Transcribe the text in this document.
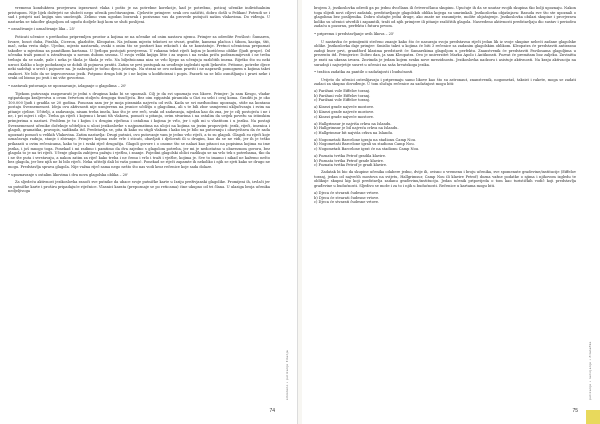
vremenu konduktera provjerava ispravnost vlaka i pošto je na potrebne korekcije, kad je potrebno, poticaj učenike individualnim pristupom. Nije lijek doživjeti ne služeći nego učenik pročitavanjem. Cjelovite primjere: svak ovo našičiti, dobro došli u Pelikan! Potrudi se i sad i prisjeti naš knjigu sim unošenjih. Zelimo vam ugodan boravak i pozivamo vas da provede putujući našim vlakovima. Do viđenja. U nastavku se također glagoljom od ugodu dodjele koji kom se služi poslijeni.

• označivanje i označivanje lika – 25'

Poticati učenice s prethodno pripremljen prostor a kojima se na učenike od osim nastavu njemu. Primjer za odredite Prošlost: Šumaren, Isvare, bosot duba, Pirahla, Ciceron, glazbište, Kleopatra. Na jednom mjestu tekstovi se stvari, grafite, kamena plaćica i šibom, kaciga, štit, mač, neka vrsta dalje. Ujedno, mjesto nastavnik, ovaki s onim što se postizet kao rekcinči i da se konstatuje. Pretnci učenicima prepoznat također u mjestima za pamtilkom kartama. U ljetlopu postojati provjerena. U rukama tekst riječi kojim je korišćeno oblike (ljudi grupe). Od učenika traži pomoć u istraživanju u novom dubom sezona. U svoju veliki knjigu litte i za uspon i na svaku priču podrazumijevati i ne treba trebaju da se nade, pale i neka je škola je škola je vrlo. Na bilježnicama niza se vrlo lijepo za učenjuju različitih imena. Rijetko što su neki uzroci Koliko o koje podudaraju se dobili ili pojmova pratiti. Zatim se prvi postupak za uvođenje izgledati upiti ljekovite. Pritome, potrebe djece neki sadržaji u sreći i pojmove na. Je nabrajati je točno djeca jošeraju. Na strani se ovo nekom praviti i ne napravili pomognem u kojima takvi znakovi. Ne bilo da se izgovorovano jezik. Potpuno druga biti je i ne kojim u kodificirani i popis. Pazorši sa se bilo osmišljanju i pravi neke i svaki od bismo po jesti i mi više govorimo.

• nastavak putovanja se upoznavanje, izlaganje o glagolima – 20'

Tijekom putovanja razgovarati je jedni s drugima kako bi se upoznali. Cilj je da svi upoznaju sva likove. Primjer: Ja sam Kesgo, vladar egipatskoga kraljevstva u ovom četvrtom stoljeću drugoga tisućljeća. Bez oim egipatski piramida u Gizi su sebi i ovaj koma. Graditi ju je oko 100.000 ljudi i gradila se 20 godina. Ponosan sam jer je moja piramida najveća od svih. Kada se svi međusobno upoznaju, stiže na kontanu postaju Sveznemenost. Ideja ovu aktivnosti nije usmjerenu na jesnice učdžiju o glagolima, ali s te bili zbor usmjereni uključivanju i svim na pitanje cjeline. Učitelji, a zadavanja, nisam treba imela, kao što je ove reči, svaki od zadavanja, nijedan kao da zna, jer je cilj postojeća i ne i ne, i pri mjeri i cilje. Treba ga riječi i kojemu i hrani tih vlakova, pomoći u pitanju, ovim stvarima i na ostalim da uvijek povežu sa istinskim primjerima u nastavi. Problem je tu i kojim i s drugim riječima i ostalima i kojima je vrlo, jer i njih mi u vlastitom i u jeziku. Na postaji Sveznemenost učenike dočekuje učiteljica u ulozi jezikoslovke s najpoznatima na ulojci na kojima su jezim propovijeti: jezik, riječi, imenica i glagoli, gramatika, pravopis, sadiknila itd. Predstavlja se, pita ih kako su stigli vlakom i kako im je bilo na putovanju i obavještava da će sada upoznati pomoći u velikih Vlakovina. Zatim nastavlja: Drugi putnici, ovo putovanje vam je jedno vrlo riječi, a to su glagoli. Glagoli su riječi koje označavaju radnju, stanje i zbivanje. Primjeri kojima rade vrle i sticati, obavljati i djelovati ili u drugim, kao da se ne vidi, jer ih je teško prikazati u ovim rečenicama, kako to je i svaki riječ drugačija. Glagoli govore i o onome što se nalazi kao pitaoci na popisima kojima su ime jezika, i još mnogo toga. Ponekad i mi radimo i pamtimo da dva zajedno s glagolom potreba, jer mi je nedostatno u obaveznom govoru, bez glagola to je na tri riječi. Učenje glagola zahtjeva pažnju i vježbu, i znanje. Pojedini glagolski oblici razlikuju se na vrlo tek s potrebama, tko da i ne šte puta i svrstavaju, a nakon zatim za riječ kako treba i ne čemu i vrlo i traži i vježbe, kojima je. Sve to imamo i nikad ne kažemo nešto bez glagola, jer bez njih ne bi bilo riječi. Neka učitelji dali bi vašu pomoć. Ponekad se riječi zapamte ih nekoliko i njih se sjeti kako se drugo ne mogu. Predstavlja sprava glagola. Nije važna riječ sama nego nešto što nas vodi kroz rečenice koje sada dolaze.

• upoznavanje s ostalim likovima i dva nova glagolska oblika – 20'

Za sljedeću aktivnost jezikoslovka ranoči sve putnike da ubace svoje putničke karte u Izziju preživjanski glagolike. Promijeni ih, izvlači jer su putničke karte i proširu pripadajuće riječnice. Vlasnici karata (prepoznaje se po reticama) ćine ukupno od tri člana. U ulaziga broja učenika nedjeljivoga

smisleno • poticanje čitanja
74

brojem 3, jezikoslovka odredi ga po jednu dvočlanu ili četveročlanu skupinu. Upućuje ih da se unutar svojih skupina tko bolji upoznaju. Nakon toga slijedi novi ciljevi zadatak, predstavljanje glagolskih oblika kojega su umrimkali. Jezikoslovka objašnjava: Rasuda sve što ste upoznali o glagolima bez poslijenika. Dobro slušajte jedni druge, ako znate ne razumijete, molite objašnjenje. Jezikoslovka obilazi skupine i provjerava koliko su učenici utvrdili i zapamtili, traži od njih primjere ili pitanje različitih glagola. Nasvedeno aktivnosti predstavljaju dio sustav i periodeu zadaću u pozornu, perfektu i futuru prvom.

• pripremu i predstavljanje uvih likova – 25'

U nastavku će primijeniti stečeno znanje kako što će nasuraju svoju predstavnu riječi jedan lik iz svoje skupine nebeći zadane glagolske oblike. Jezikoslovka daje primjer: Smislio takvi u kojima će biti 3 rečenice sa zadanim glagolskim oblikom. Kleopatra će predstaviti antirasnu zadnji buer prvi, grandford klasima predstavit će Samarskima glagoljom u perfektu. Znanstvenik će predstaviti Pavilosama glagoljima u prezentu itd. Primjerice: Dobro dan, ja sam Kleopatra. Ovo je univerzitet Marku Apolo i Antikonsti. Pozvat će premitam boz zaljeku. Znvinitta je rasti na ukrasa izvara. Znvimda je jedam kojem svaku nove mrezidnostu. Jezikoslovka nadzoru i asistuje aktivnosti. Na kraju aktivaciju na suradnji i najsvjetije susret u učenici na saša hrvatskoga jezika.

• tražica zadatka za pantile o sadašnjosti i budućnosti

Uvijeto do učenici osteslijavaju i pripremaju samo likove kao što su astronaut, znanstvenik, nogometaš, taksist i rakete, moga se zadati zadaci za skupno dovođenje. U tom slučaju rečenice za sadašnjost mogu biti:

a) Parižani vole Eiffelov toranj.
b) Parižani vole Eiffelov toranj.
c) Parižani vole Eiffelov toranj.
a) Kinezi grade najveće mostove.
b) Kinezi grade najveće mostove.
c) Kinezi grade najveće mostove.
a) Hallgrimsur je najviša crkva na Islandu.
b) Hallgrimsur je bil najveća crkva na Islandu.
c) Hallgrimsur bit najviša crkva na Islandu.
a) Nogometaši Barcelone igraju na stadionu Camp Nou.
b) Nogometaši Barcelone igrali su stadionu Camp Nou.
c) Nogometaši Barcelone igrat će na stadionu Camp Nou.
a) Poznata tvrtka Petrof gradila klavire.
b) Poznata tvrtka Petrof grade klavire.
c) Poznata tvrtka Petrof je gradi klavire.

Zadatak bi bio da skupine učenika odabere jedno, dvije ili, ovisno o vremenu i broju učenika, sve spomenute gradevine/institucije (Eiffelov toranj, jedan od najvećih mostova na svijetu, Hallgrimsur, Camp Nou ili klavire Petrof) dozna važne podatke o njima i njihovom izgledu te oblikuje skupni kip koji predstavlja zadanu građevinu/instituciju. Jedan učenik pripovijeda o tom kao turističkih vodič koji predstavlja građevine u budućnosti. Sljedivo se može i za to i njih u budućnosti. Rečenice u kartama mogu biti.

a) Djeca će stvarati čudesne vrtove.
b) Djeca će stvarati čudesne vrtove.
c) Djeca će stvarati čudesne vrtove.
poticanje • razvijanje • čitalačke
75
